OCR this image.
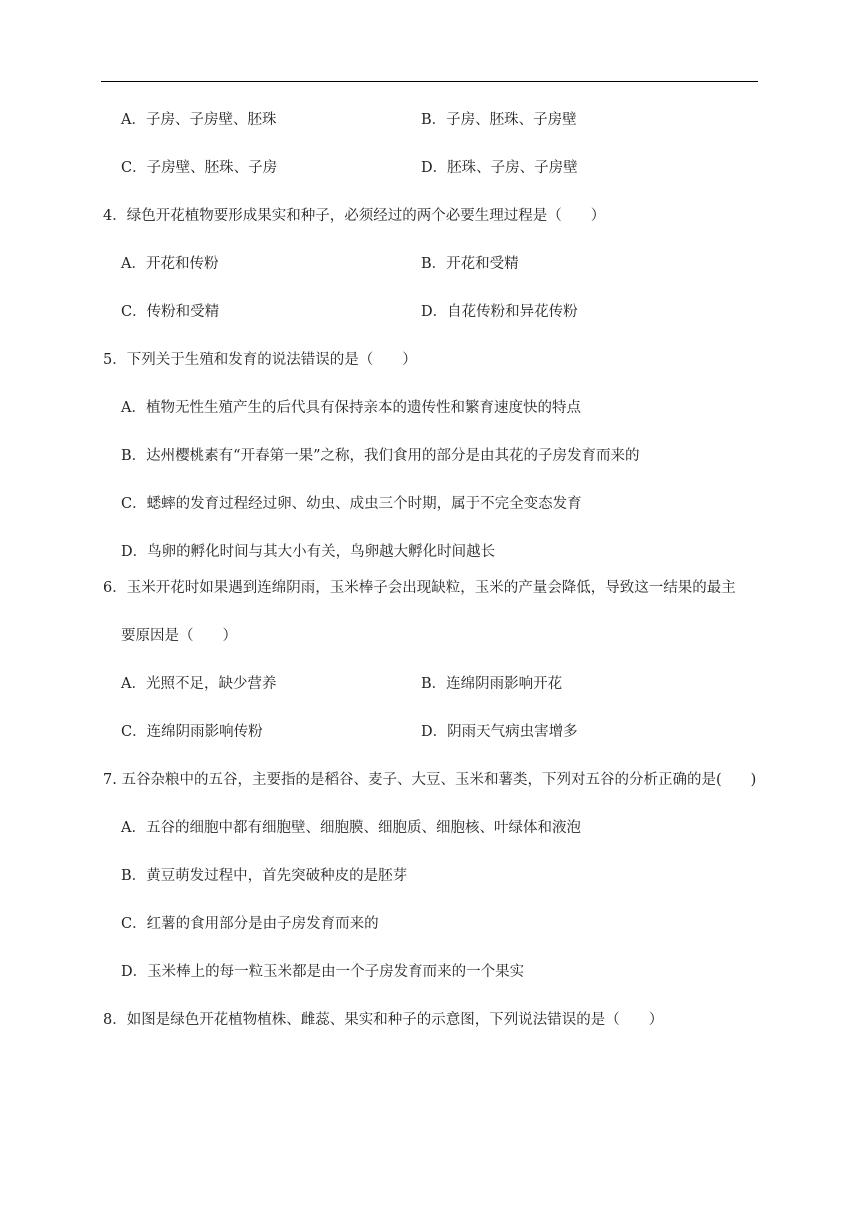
A．子房、子房壁、胚珠	B．子房、胚珠、子房壁
C．子房壁、胚珠、子房	D．胚珠、子房、子房壁
4．绿色开花植物要形成果实和种子，必须经过的两个必要生理过程是（　　）
A．开花和传粉	B．开花和受精
C．传粉和受精	D．自花传粉和异花传粉
5．下列关于生殖和发育的说法错误的是（　　）
A．植物无性生殖产生的后代具有保持亲本的遗传性和繁育速度快的特点
B．达州樱桃素有“开春第一果”之称，我们食用的部分是由其花的子房发育而来的
C．蟋蟀的发育过程经过卵、幼虫、成虫三个时期，属于不完全变态发育
D．鸟卵的孵化时间与其大小有关，鸟卵越大孵化时间越长
6．玉米开花时如果遇到连绵阴雨，玉米棒子会出现缺粒，玉米的产量会降低，导致这一结果的最主
要原因是（　　）
A．光照不足，缺少营养	B．连绵阴雨影响开花
C．连绵阴雨影响传粉	D．阴雨天气病虫害增多
7. 五谷杂粮中的五谷，主要指的是稻谷、麦子、大豆、玉米和薯类，下列对五谷的分析正确的是(　　)
A．五谷的细胞中都有细胞壁、细胞膜、细胞质、细胞核、叶绿体和液泡
B．黄豆萌发过程中，首先突破种皮的是胚芽
C．红薯的食用部分是由子房发育而来的
D．玉米棒上的每一粒玉米都是由一个子房发育而来的一个果实
8．如图是绿色开花植物植株、雌蕊、果实和种子的示意图，下列说法错误的是（　　）
